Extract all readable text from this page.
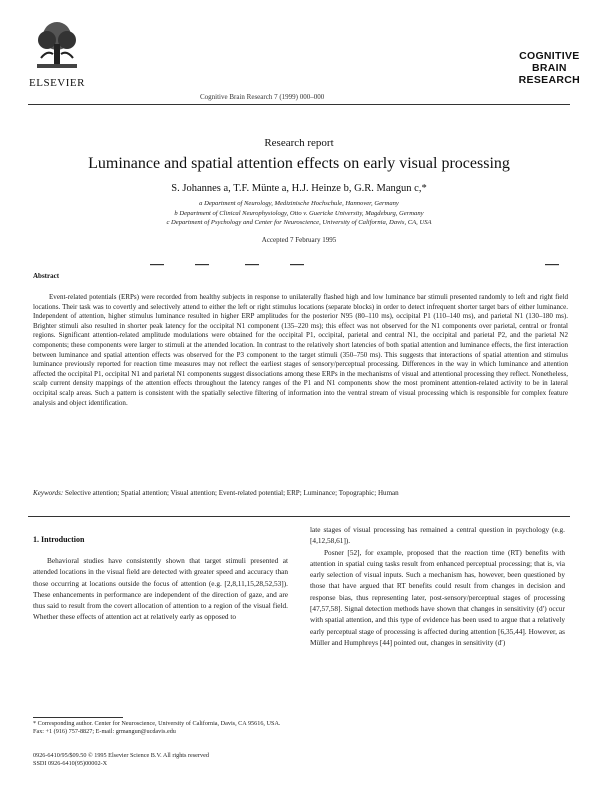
ELSEVIER
Cognitive Brain Research 7 (1999) 000–000
COGNITIVE
BRAIN
RESEARCH
Research report
Luminance and spatial attention effects on early visual processing
S. Johannes a, T.F. Münte a, H.J. Heinze b, G.R. Mangun c,*
a Department of Neurology, Medizinische Hochschule, Hannover, Germany
b Department of Clinical Neurophysiology, Otto v. Guericke University, Magdeburg, Germany
c Department of Psychology and Center for Neuroscience, University of California, Davis, CA, USA
Accepted 7 February 1995
Abstract
Event-related potentials (ERPs) were recorded from healthy subjects in response to unilaterally flashed high and low luminance bar stimuli presented randomly to left and right field locations. Their task was to covertly and selectively attend to either the left or right stimulus locations (separate blocks) in order to detect infrequent shorter target bars of either luminance. Independent of attention, higher stimulus luminance resulted in higher ERP amplitudes for the posterior N95 (80–110 ms), occipital P1 (110–140 ms), and parietal N1 (130–180 ms). Brighter stimuli also resulted in shorter peak latency for the occipital N1 component (135–220 ms); this effect was not observed for the N1 components over parietal, central or frontal regions. Significant attention-related amplitude modulations were obtained for the occipital P1, occipital, parietal and central N1, the occipital and parietal P2, and the parietal N2 components; these components were larger to stimuli at the attended location. In contrast to the relatively short latencies of both spatial attention and luminance effects, the first interaction between luminance and spatial attention effects was observed for the P3 component to the target stimuli (350–750 ms). This suggests that interactions of spatial attention and stimulus luminance previously reported for reaction time measures may not reflect the earliest stages of sensory/perceptual processing. Differences in the way in which luminance and attention affected the occipital P1, occipital N1 and parietal N1 components suggest dissociations among these ERPs in the mechanisms of visual and attentional processing they reflect. Nonetheless, scalp current density mappings of the attention effects throughout the latency ranges of the P1 and N1 components show the most prominent attention-related activity to be in lateral occipital scalp areas. Such a pattern is consistent with the spatially selective filtering of information into the ventral stream of visual processing which is responsible for complex feature analysis and object identification.
Keywords: Selective attention; Spatial attention; Visual attention; Event-related potential; ERP; Luminance; Topographic; Human
1. Introduction

Behavioral studies have consistently shown that target stimuli presented at attended locations in the visual field are detected with greater speed and accuracy than those occurring at locations outside the focus of attention (e.g. [2,8,11,15,28,52,53]). These enhancements in performance are independent of the direction of gaze, and are thus said to result from the covert allocation of attention to a region of the visual field. Whether these effects of attention act at relatively early as opposed to

late stages of visual processing has remained a central question in psychology (e.g. [4,12,58,61]).

Posner [52], for example, proposed that the reaction time (RT) benefits with attention in spatial cuing tasks result from enhanced perceptual processing; that is, via early selection of visual inputs. Such a mechanism has, however, been questioned by those that have argued that RT benefits could result from changes in decision and response bias, thus representing later, post-sensory/perceptual stages of processing [47,57,58]. Signal detection methods have shown that changes in sensitivity (d′) occur with spatial attention, and this type of evidence has been used to argue that a relatively early perceptual stage of processing is affected during attention [6,35,44]. However, as Müller and Humphreys [44] pointed out, changes in sensitivity (d′)

* Corresponding author. Center for Neuroscience, University of California, Davis, CA 95616, USA. Fax: +1 (916) 757-8827; E-mail: grmangun@ucdavis.edu
0926-6410/95/$09.50 © 1995 Elsevier Science B.V. All rights reserved
SSDI 0926-6410(95)00002-X
